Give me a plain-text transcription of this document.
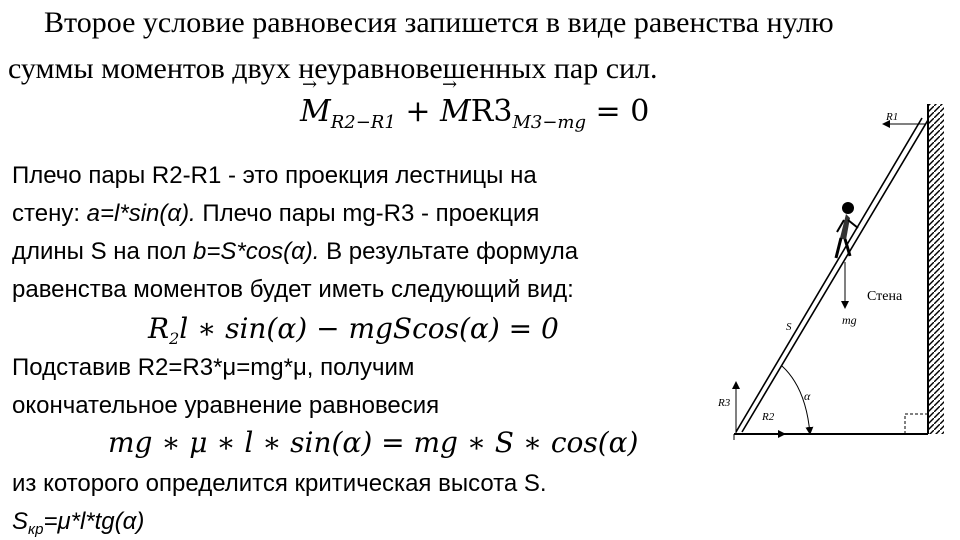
Второе условие равновесия запишется в виде равенства нулю
суммы моментов двух неуравновешенных пар сил.
→ $M_{R2-R1}$ + → $MR3_{M3-mg} = 0$
Плечо пары R2-R1 - это проекция лестницы на
стену: a=l*sin(α). Плечо пары mg-R3 - проекция
длины S на пол b=S*cos(α). В результате формула
равенства моментов будет иметь следующий вид:
$R_2l$ ∗ sin(α) − mgScos(α) = 0
Подставив R2=R3*μ=mg*μ, получим
окончательное уравнение равновесия
mg ∗ μ ∗ l ∗ sin(α) = mg ∗ S ∗ cos(α)
из которого определится критическая высота S.
$S_{кр}=\mu*l*tg(\alpha)$
R1
mg
S
α
R3
R2
Стена
